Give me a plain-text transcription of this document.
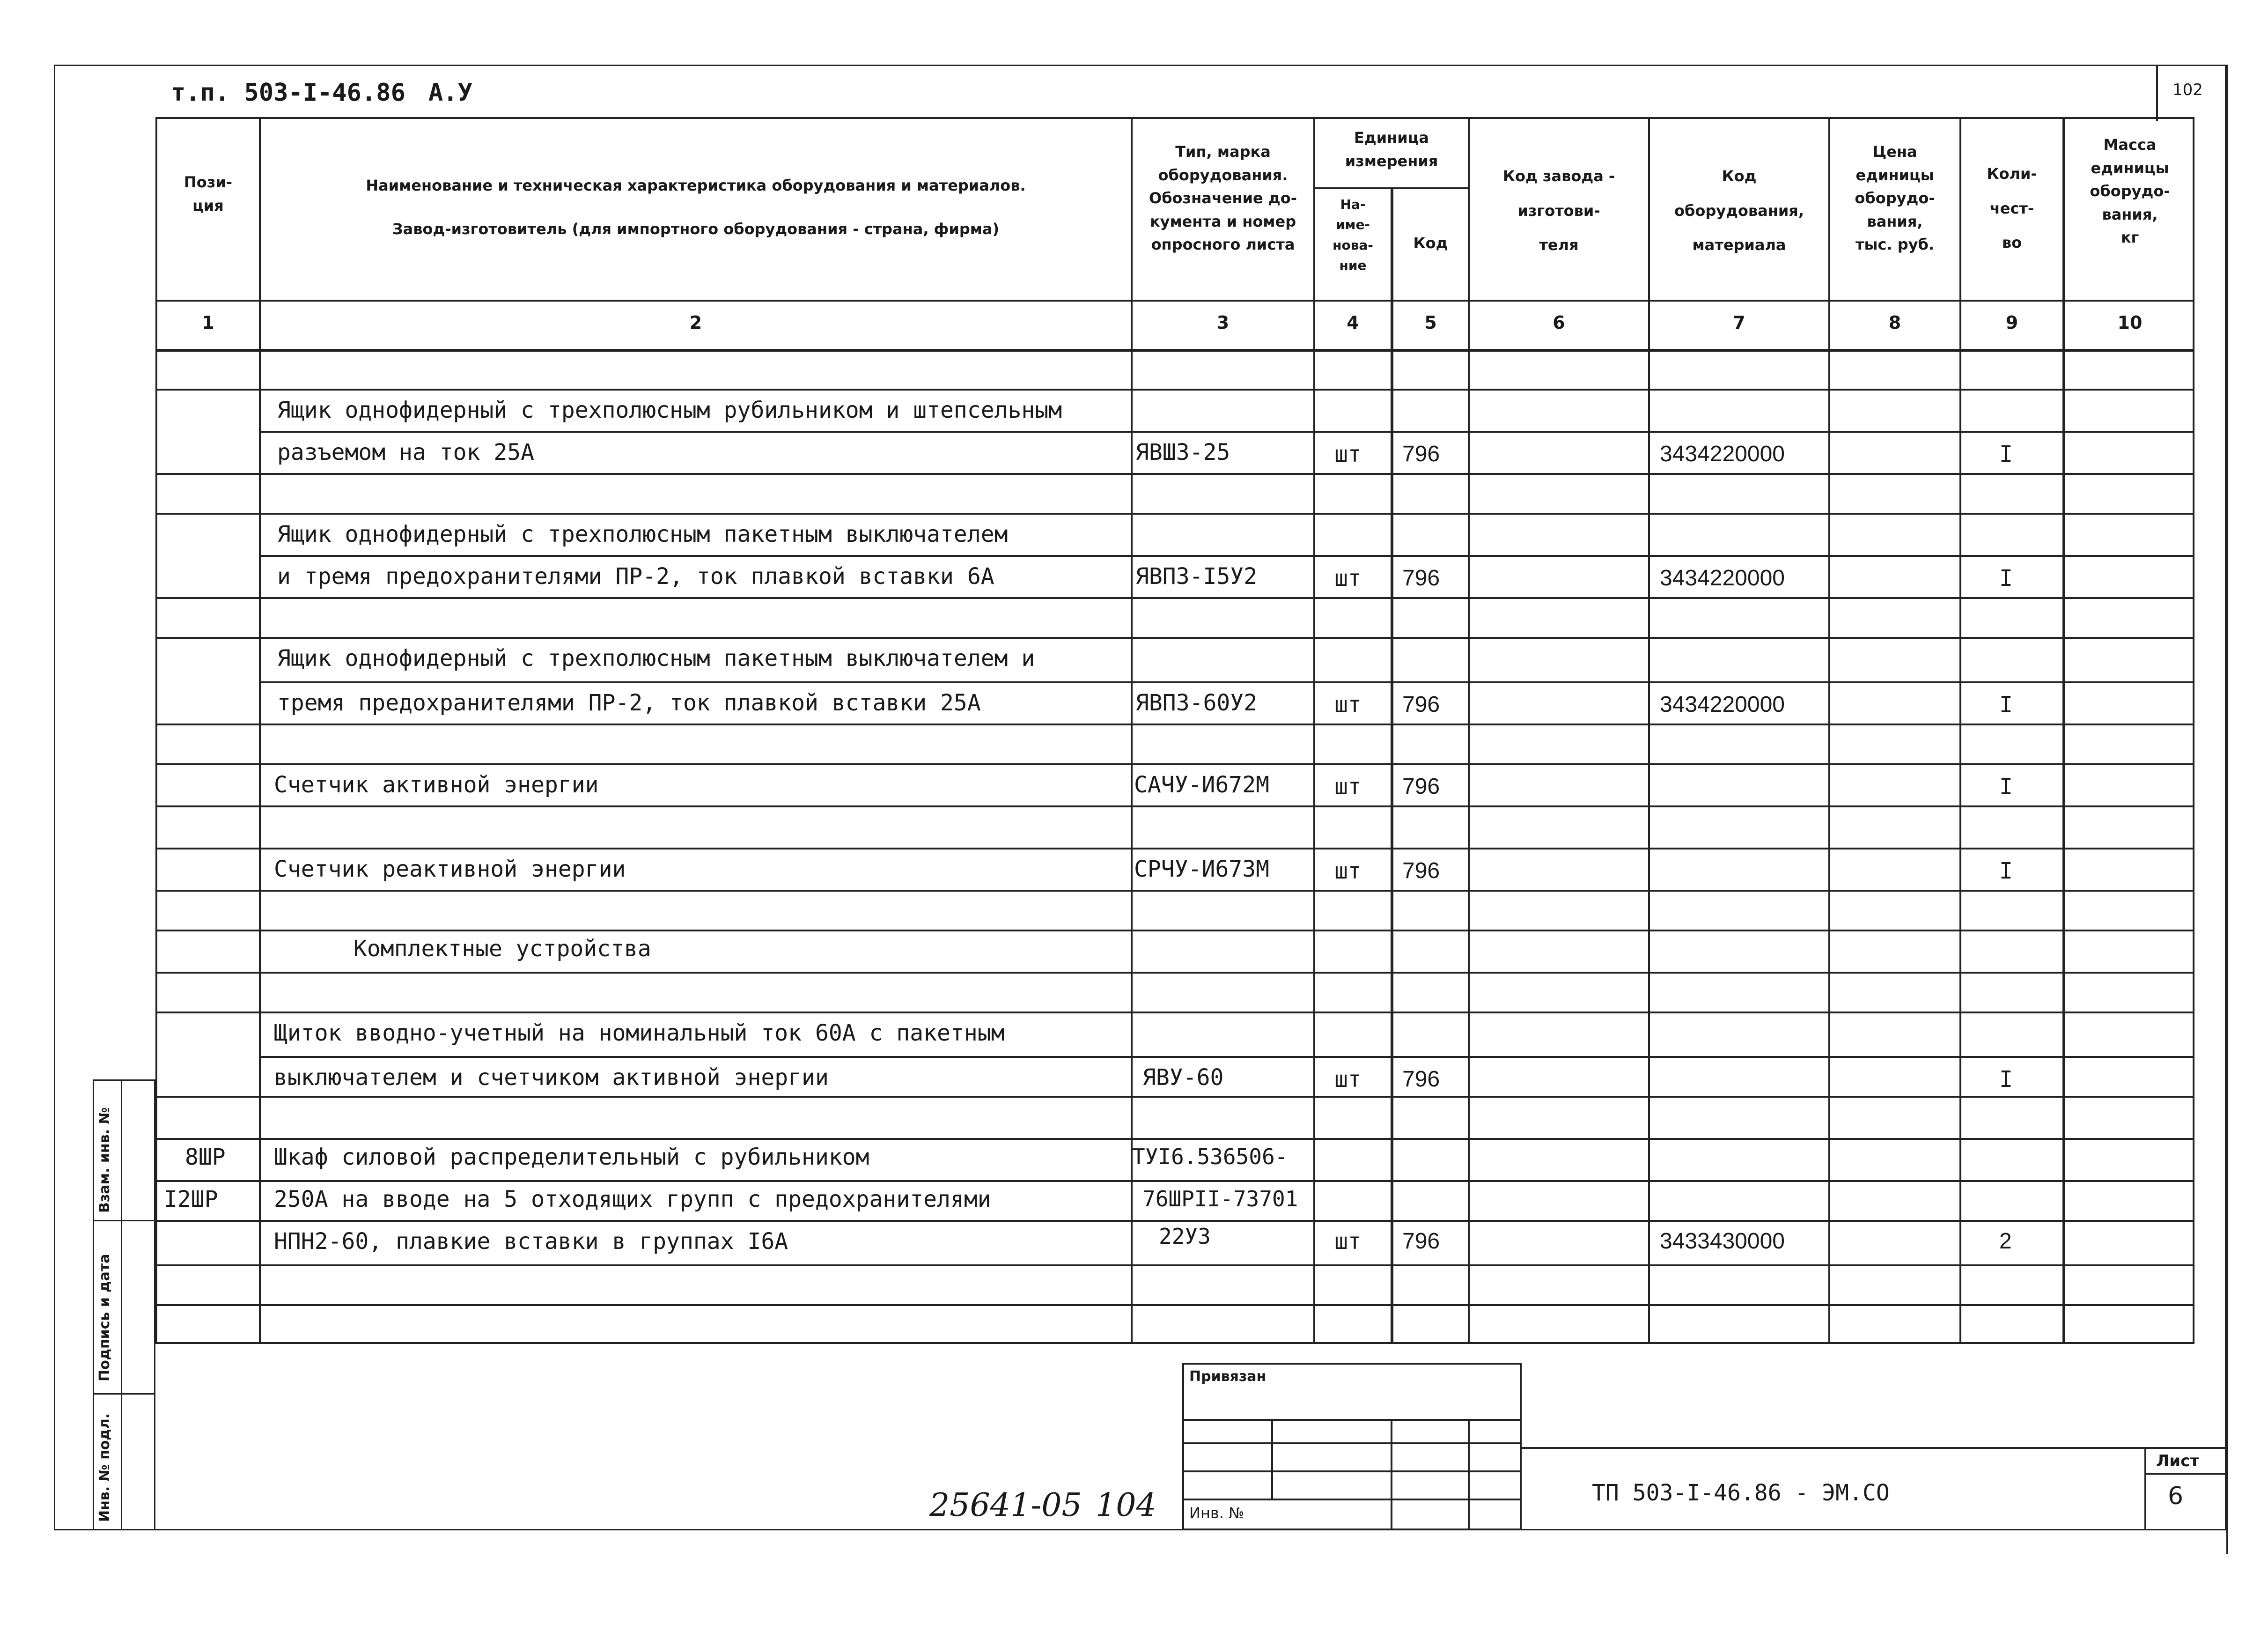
т.п. 503-I-46.86 А.У	102
Пози-
ция
Наименование и техническая характеристика оборудования и материалов.
Завод-изготовитель (для импортного оборудования - страна, фирма)
Тип, марка
оборудования.
Обозначение до-
кумента и номер
опросного листа
Единица
измерения
На-
име-
нова-
ние
Код
Код завода -
изготови-
теля
Код
оборудования,
материала
Цена
единицы
оборудо-
вания,
тыс. руб.
Коли-
чест-
во
Масса
единицы
оборудо-
вания,
кг
1	2	3	4	5	6	7	8	9	10
Ящик однофидерный с трехполюсным рубильником и штепсельным
разъемом на ток 25А	ЯВШЗ-25	шт 796	3434220000	I
Ящик однофидерный с трехполюсным пакетным выключателем
и тремя предохранителями ПР-2, ток плавкой вставки 6А	ЯВПЗ-I5У2	шт 796	3434220000	I
Ящик однофидерный с трехполюсным пакетным выключателем и
тремя предохранителями ПР-2, ток плавкой вставки 25А	ЯВПЗ-60У2	шт 796	3434220000	I
Счетчик активной энергии	САЧУ-И672М	шт 796	I
Счетчик реактивной энергии	СРЧУ-И673М	шт 796	I
Комплектные устройства
Щиток вводно-учетный на номинальный ток 60А с пакетным
выключателем и счетчиком активной энергии	ЯВУ-60	шт 796	I
8ШР
I2ШР
Шкаф силовой распределительный с рубильником
250А на вводе на 5 отходящих групп с предохранителями
НПН2-60, плавкие вставки в группах I6А
ТУI6.536506-
76ШРII-73701
22У3	шт 796	3433430000	2
Взам. инв. №
Подпись и дата
Инв. № подл.	25641-05 104
Привязан
Инв. №
ТП 503-I-46.86 - ЭМ.СО
Лист
6
